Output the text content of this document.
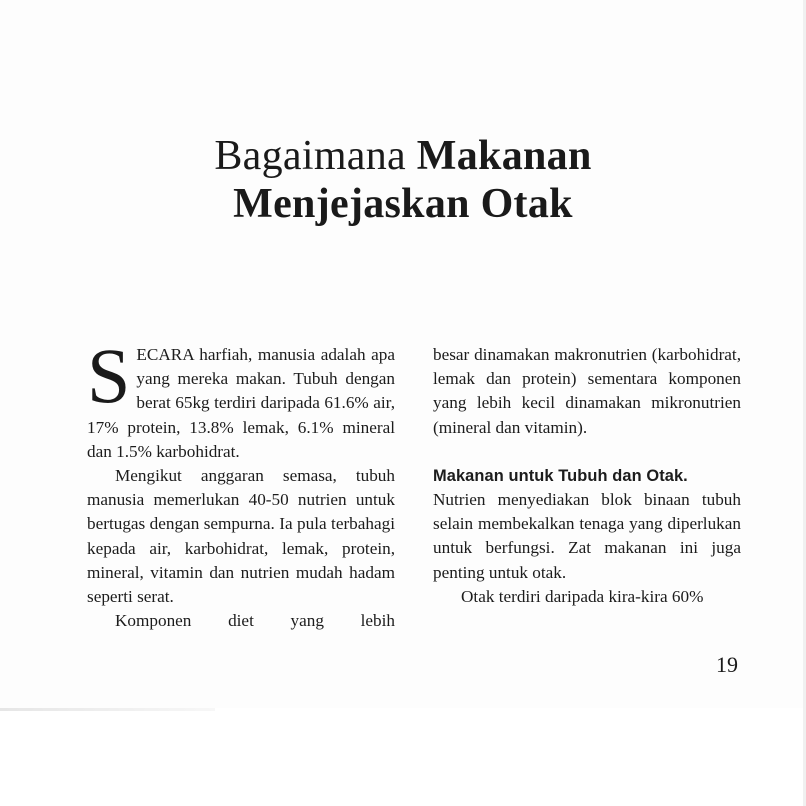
Bagaimana Makanan
Menjejaskan Otak

S ECARA harfiah, manusia adalah apa yang mereka makan. Tubuh dengan berat 65kg terdiri daripada 61.6% air, 17% protein, 13.8% lemak, 6.1% mineral dan 1.5% karbohidrat.

Mengikut anggaran semasa, tubuh manusia memerlukan 40-50 nutrien untuk bertugas dengan sempurna. Ia pula terbahagi kepada air, karbohidrat, lemak, protein, mineral, vitamin dan nutrien mudah hadam seperti serat.

Komponen diet yang lebih

besar dinamakan makronutrien (karbohidrat, lemak dan protein) sementara komponen yang lebih kecil dinamakan mikronutrien (mineral dan vitamin).

Makanan untuk Tubuh dan Otak.

Nutrien menyediakan blok binaan tubuh selain membekalkan tenaga yang diperlukan untuk berfungsi. Zat makanan ini juga penting untuk otak.

Otak terdiri daripada kira-kira 60%

19
